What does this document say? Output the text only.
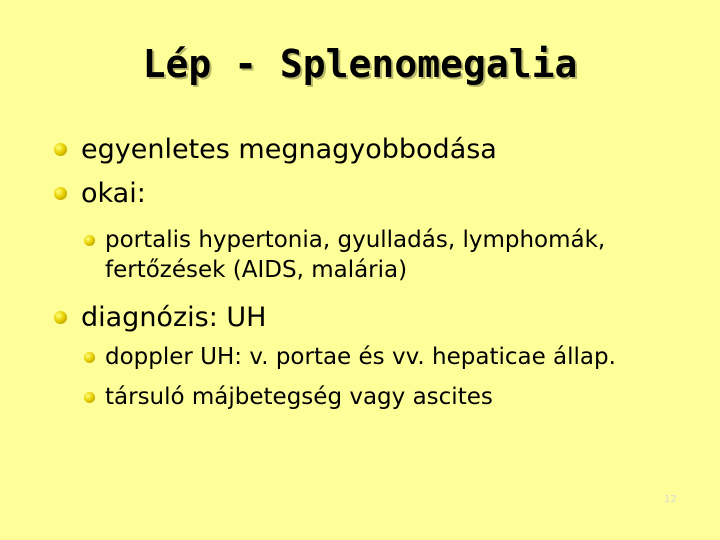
Lép - Splenomegalia
egyenletes megnagyobbodása
okai:
portalis hypertonia, gyulladás, lymphomák,
fertőzések (AIDS, malária)
diagnózis: UH
doppler UH: v. portae és vv. hepaticae állap.
társuló májbetegség vagy ascites
12
